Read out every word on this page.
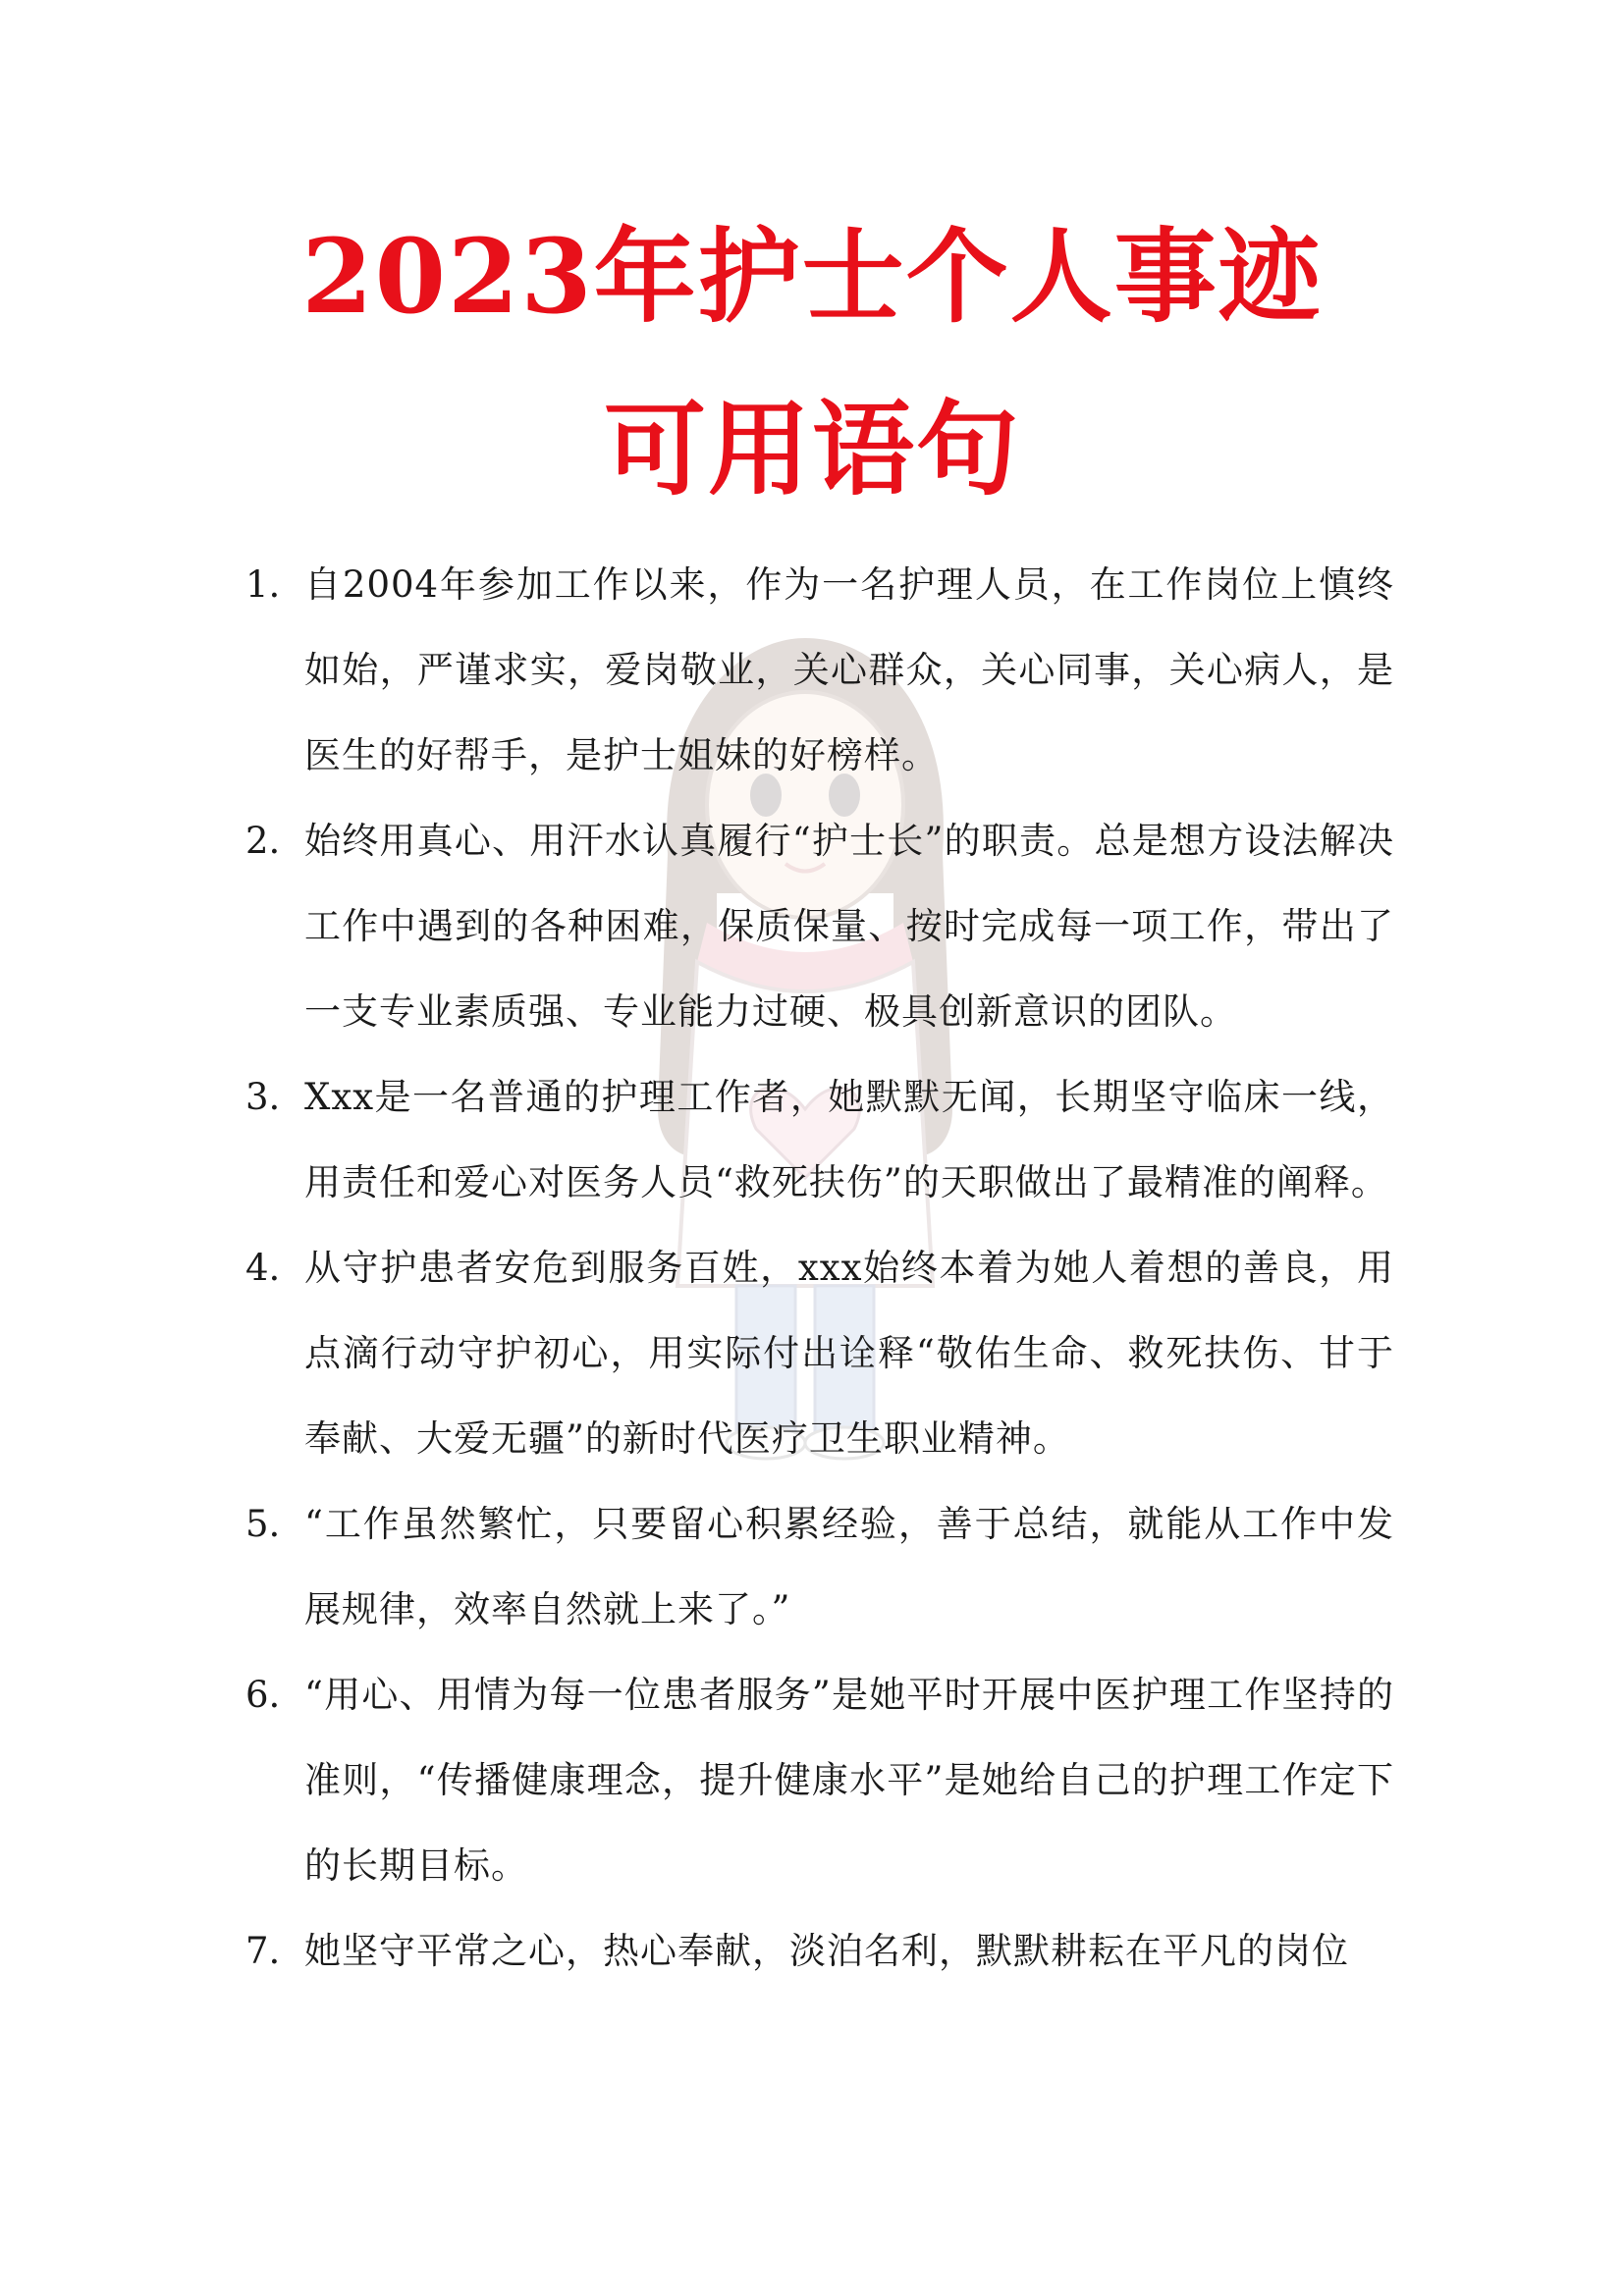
2023年护士个人事迹
可用语句
1. 自2004年参加工作以来，作为一名护理人员，在工作岗位上慎终如始，严谨求实，爱岗敬业，关心群众，关心同事，关心病人，是医生的好帮手，是护士姐妹的好榜样。
2. 始终用真心、用汗水认真履行“护士长”的职责。总是想方设法解决工作中遇到的各种困难，保质保量、按时完成每一项工作，带出了一支专业素质强、专业能力过硬、极具创新意识的团队。
3. Xxx是一名普通的护理工作者，她默默无闻，长期坚守临床一线，用责任和爱心对医务人员“救死扶伤”的天职做出了最精准的阐释。
4. 从守护患者安危到服务百姓，xxx始终本着为她人着想的善良，用点滴行动守护初心，用实际付出诠释“敬佑生命、救死扶伤、甘于奉献、大爱无疆”的新时代医疗卫生职业精神。
5. “工作虽然繁忙，只要留心积累经验，善于总结，就能从工作中发展规律，效率自然就上来了。”
6. “用心、用情为每一位患者服务”是她平时开展中医护理工作坚持的准则，“传播健康理念，提升健康水平”是她给自己的护理工作定下的长期目标。
7. 她坚守平常之心，热心奉献，淡泊名利，默默耕耘在平凡的岗位
